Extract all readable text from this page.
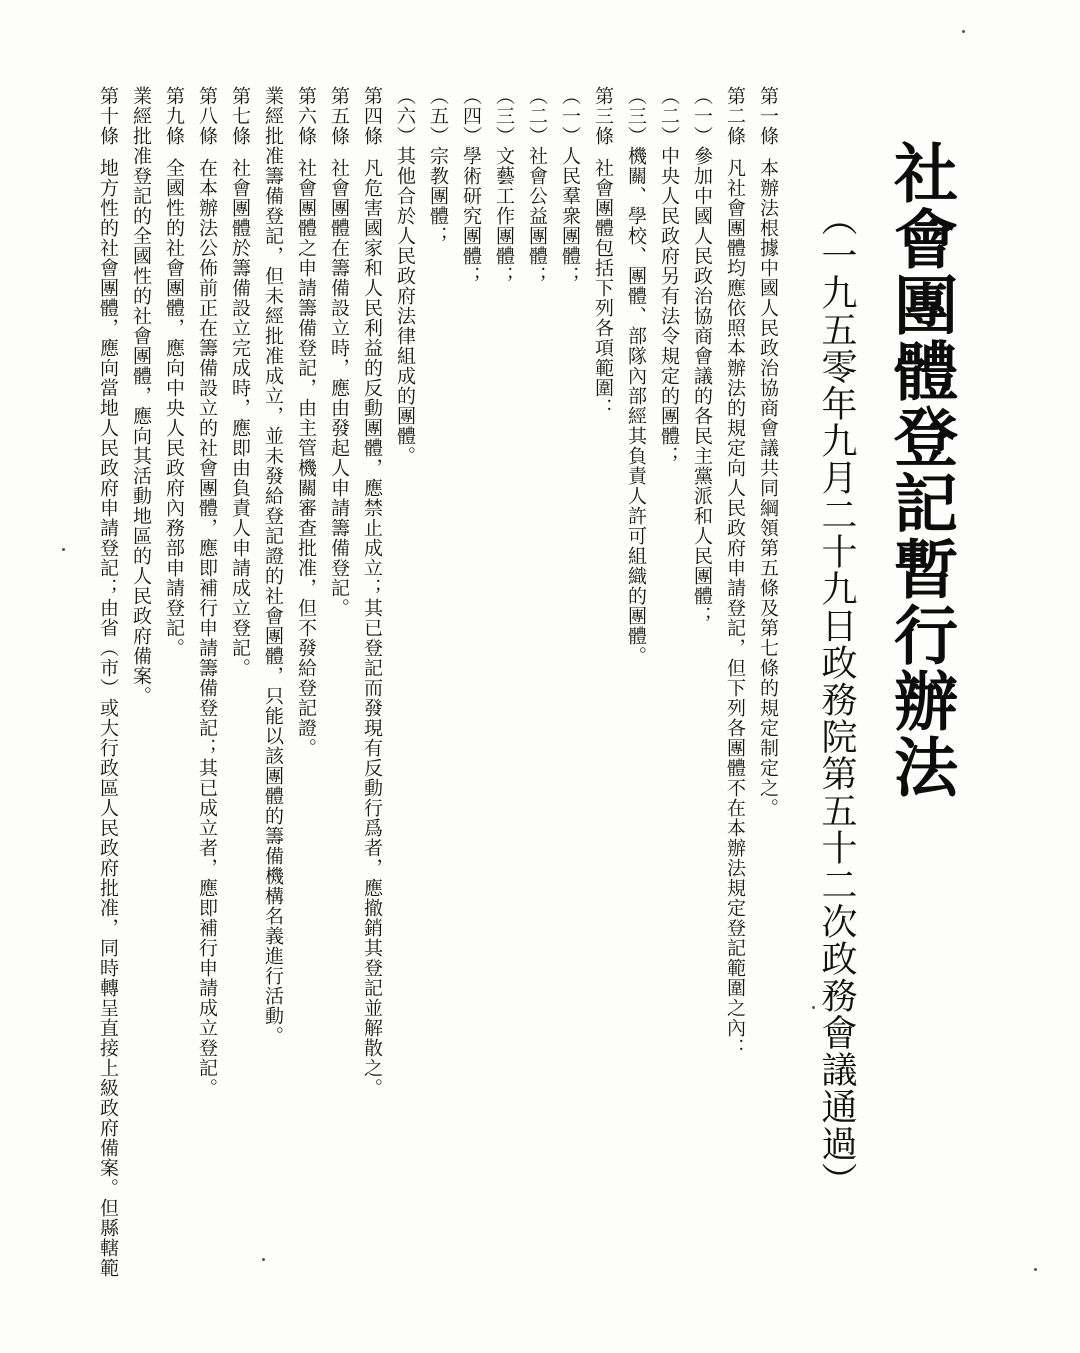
社會團體登記暫行辦法
（一九五零年九月二十九日政務院第五十二次政務會議通過）
第一條本辦法根據中國人民政治協商會議共同綱領第五條及第七條的規定制定之。
第二條凡社會團體均應依照本辦法的規定向人民政府申請登記，但下列各團體不在本辦法規定登記範圍之內：
（一）參加中國人民政治協商會議的各民主黨派和人民團體；
（二）中央人民政府另有法令規定的團體；
（三）機關、學校、團體、部隊內部經其負責人許可組織的團體。
第三條社會團體包括下列各項範圍：
（一）人民羣衆團體；
（二）社會公益團體；
（三）文藝工作團體；
（四）學術研究團體；
（五）宗教團體；
（六）其他合於人民政府法律組成的團體。
第四條凡危害國家和人民利益的反動團體，應禁止成立；其已登記而發現有反動行爲者，應撤銷其登記並解散之。
第五條社會團體在籌備設立時，應由發起人申請籌備登記。
第六條社會團體之申請籌備登記，由主管機關審查批准，但不發給登記證。
業經批准籌備登記，但未經批准成立，並未發給登記證的社會團體，只能以該團體的籌備機構名義進行活動。
第七條社會團體於籌備設立完成時，應即由負責人申請成立登記。
第八條在本辦法公佈前正在籌備設立的社會團體，應即補行申請籌備登記；其已成立者，應即補行申請成立登記。
第九條全國性的社會團體，應向中央人民政府內務部申請登記。
業經批准登記的全國性的社會團體，應向其活動地區的人民政府備案。
第十條地方性的社會團體，應向當地人民政府申請登記；由省（市）或大行政區人民政府批准，同時轉呈直接上級政府備案。但縣轄範
